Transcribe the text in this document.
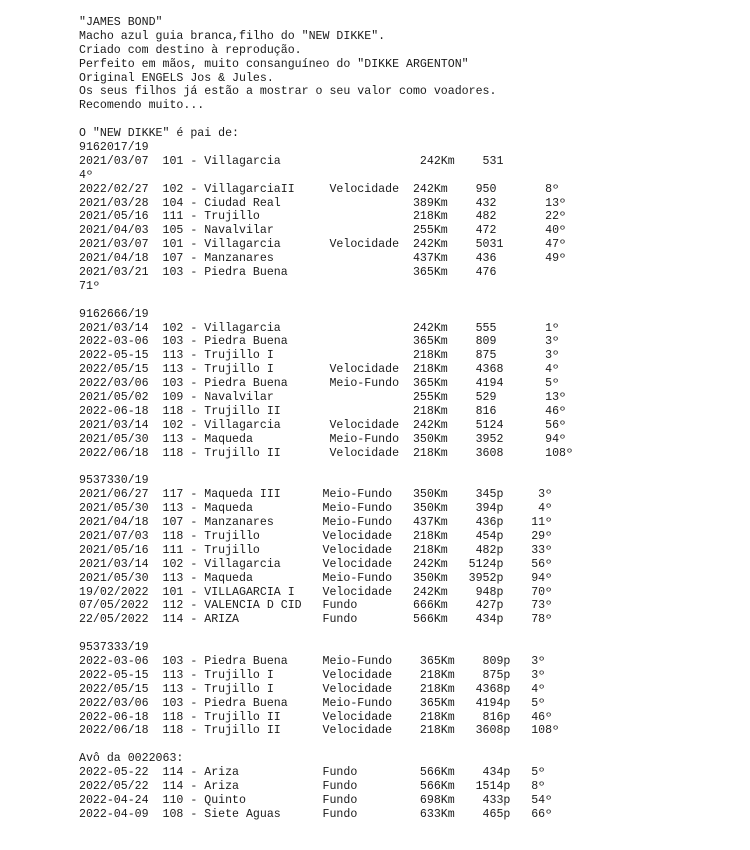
"JAMES BOND"
Macho azul guia branca,filho do "NEW DIKKE".
Criado com destino à reprodução.
Perfeito em mãos, muito consanguíneo do "DIKKE ARGENTON"
Original ENGELS Jos & Jules.
Os seus filhos já estão a mostrar o seu valor como voadores.
Recomendo muito...
O "NEW DIKKE" é pai de:
9162017/19
2021/03/07  101 - Villagarcia                    242Km    531
4º
2022/02/27  102 - VillagarciaII     Velocidade  242Km    950       8º
2021/03/28  104 - Ciudad Real                   389Km    432       13º
2021/05/16  111 - Trujillo                      218Km    482       22º
2021/04/03  105 - Navalvilar                    255Km    472       40º
2021/03/07  101 - Villagarcia       Velocidade  242Km    5031      47º
2021/04/18  107 - Manzanares                    437Km    436       49º
2021/03/21  103 - Piedra Buena                  365Km    476
71º
9162666/19
2021/03/14  102 - Villagarcia                   242Km    555       1º
2022-03-06  103 - Piedra Buena                  365Km    809       3º
2022-05-15  113 - Trujillo I                    218Km    875       3º
2022/05/15  113 - Trujillo I        Velocidade  218Km    4368      4º
2022/03/06  103 - Piedra Buena      Meio-Fundo  365Km    4194      5º
2021/05/02  109 - Navalvilar                    255Km    529       13º
2022-06-18  118 - Trujillo II                   218Km    816       46º
2021/03/14  102 - Villagarcia       Velocidade  242Km    5124      56º
2021/05/30  113 - Maqueda           Meio-Fundo  350Km    3952      94º
2022/06/18  118 - Trujillo II       Velocidade  218Km    3608      108º
9537330/19
2021/06/27  117 - Maqueda III      Meio-Fundo   350Km    345p     3º
2021/05/30  113 - Maqueda          Meio-Fundo   350Km    394p     4º
2021/04/18  107 - Manzanares       Meio-Fundo   437Km    436p    11º
2021/07/03  118 - Trujillo         Velocidade   218Km    454p    29º
2021/05/16  111 - Trujillo         Velocidade   218Km    482p    33º
2021/03/14  102 - Villagarcia      Velocidade   242Km   5124p    56º
2021/05/30  113 - Maqueda          Meio-Fundo   350Km   3952p    94º
19/02/2022  101 - VILLAGARCIA I    Velocidade   242Km    948p    70º
07/05/2022  112 - VALENCIA D CID   Fundo        666Km    427p    73º
22/05/2022  114 - ARIZA            Fundo        566Km    434p    78º
9537333/19
2022-03-06  103 - Piedra Buena     Meio-Fundo    365Km    809p   3º
2022-05-15  113 - Trujillo I       Velocidade    218Km    875p   3º
2022/05/15  113 - Trujillo I       Velocidade    218Km   4368p   4º
2022/03/06  103 - Piedra Buena     Meio-Fundo    365Km   4194p   5º
2022-06-18  118 - Trujillo II      Velocidade    218Km    816p   46º
2022/06/18  118 - Trujillo II      Velocidade    218Km   3608p   108º
Avô da 0022063:
2022-05-22  114 - Ariza            Fundo         566Km    434p   5º
2022/05/22  114 - Ariza            Fundo         566Km   1514p   8º
2022-04-24  110 - Quinto           Fundo         698Km    433p   54º
2022-04-09  108 - Siete Aguas      Fundo         633Km    465p   66º
